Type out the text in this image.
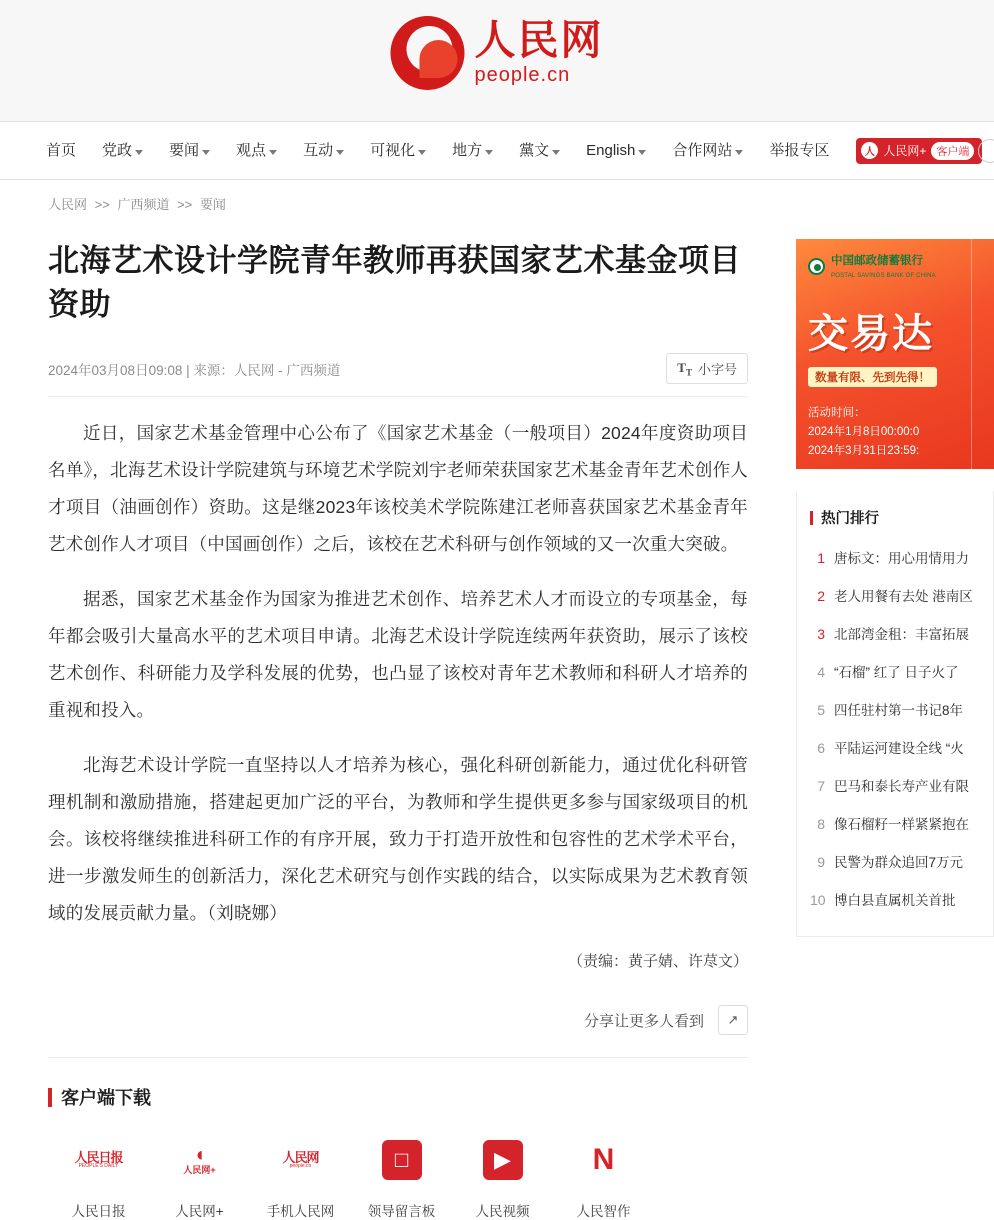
人民网
people.cn
首页 党政 要闻 观点 互动 可视化 地方 黨文 English 合作网站 举报专区	人 人民网+ 客户端
人民网 >> 广西频道 >> 要闻
北海艺术设计学院青年教师再获国家艺术基金项目资助
2024年03月08日09:08 | 来源：人民网 - 广西频道	$T_T$ 小字号

近日，国家艺术基金管理中心公布了《国家艺术基金（一般项目）2024年度资助项目名单》，北海艺术设计学院建筑与环境艺术学院刘宇老师荣获国家艺术基金青年艺术创作人才项目（油画创作）资助。这是继2023年该校美术学院陈建江老师喜获国家艺术基金青年艺术创作人才项目（中国画创作）之后，该校在艺术科研与创作领域的又一次重大突破。

据悉，国家艺术基金作为国家为推进艺术创作、培养艺术人才而设立的专项基金，每年都会吸引大量高水平的艺术项目申请。北海艺术设计学院连续两年获资助，展示了该校艺术创作、科研能力及学科发展的优势，也凸显了该校对青年艺术教师和科研人才培养的重视和投入。

北海艺术设计学院一直坚持以人才培养为核心，强化科研创新能力，通过优化科研管理机制和激励措施，搭建起更加广泛的平台，为教师和学生提供更多参与国家级项目的机会。该校将继续推进科研工作的有序开展，致力于打造开放性和包容性的艺术学术平台，进一步激发师生的创新活力，深化艺术研究与创作实践的结合，以实际成果为艺术教育领域的发展贡献力量。（刘晓娜）

（责编：黄子婧、许荩文）
分享让更多人看到	↗
客户端下载
人民日报
PEOPLE'S DAILY
人民日报
◖
人民网+
人民网+
人民网
people.cn
手机人民网
□
领导留言板
▶
人民视频
N
人民智作
中国邮政储蓄银行
POSTAL SAVINGS BANK OF CHINA
交易达
数量有限、先到先得！
活动时间：
2024年1月8日00:00:0
2024年3月31日23:59:
热门排行
1 唐标文：用心用情用力
2 老人用餐有去处 港南区
3 北部湾金租：丰富拓展
4 “石榴” 红了 日子火了
5 四任驻村第一书记8年
6 平陆运河建设全线 “火
7 巴马和泰长寿产业有限
8 像石榴籽一样紧紧抱在
9 民警为群众追回7万元
10 博白县直属机关首批
